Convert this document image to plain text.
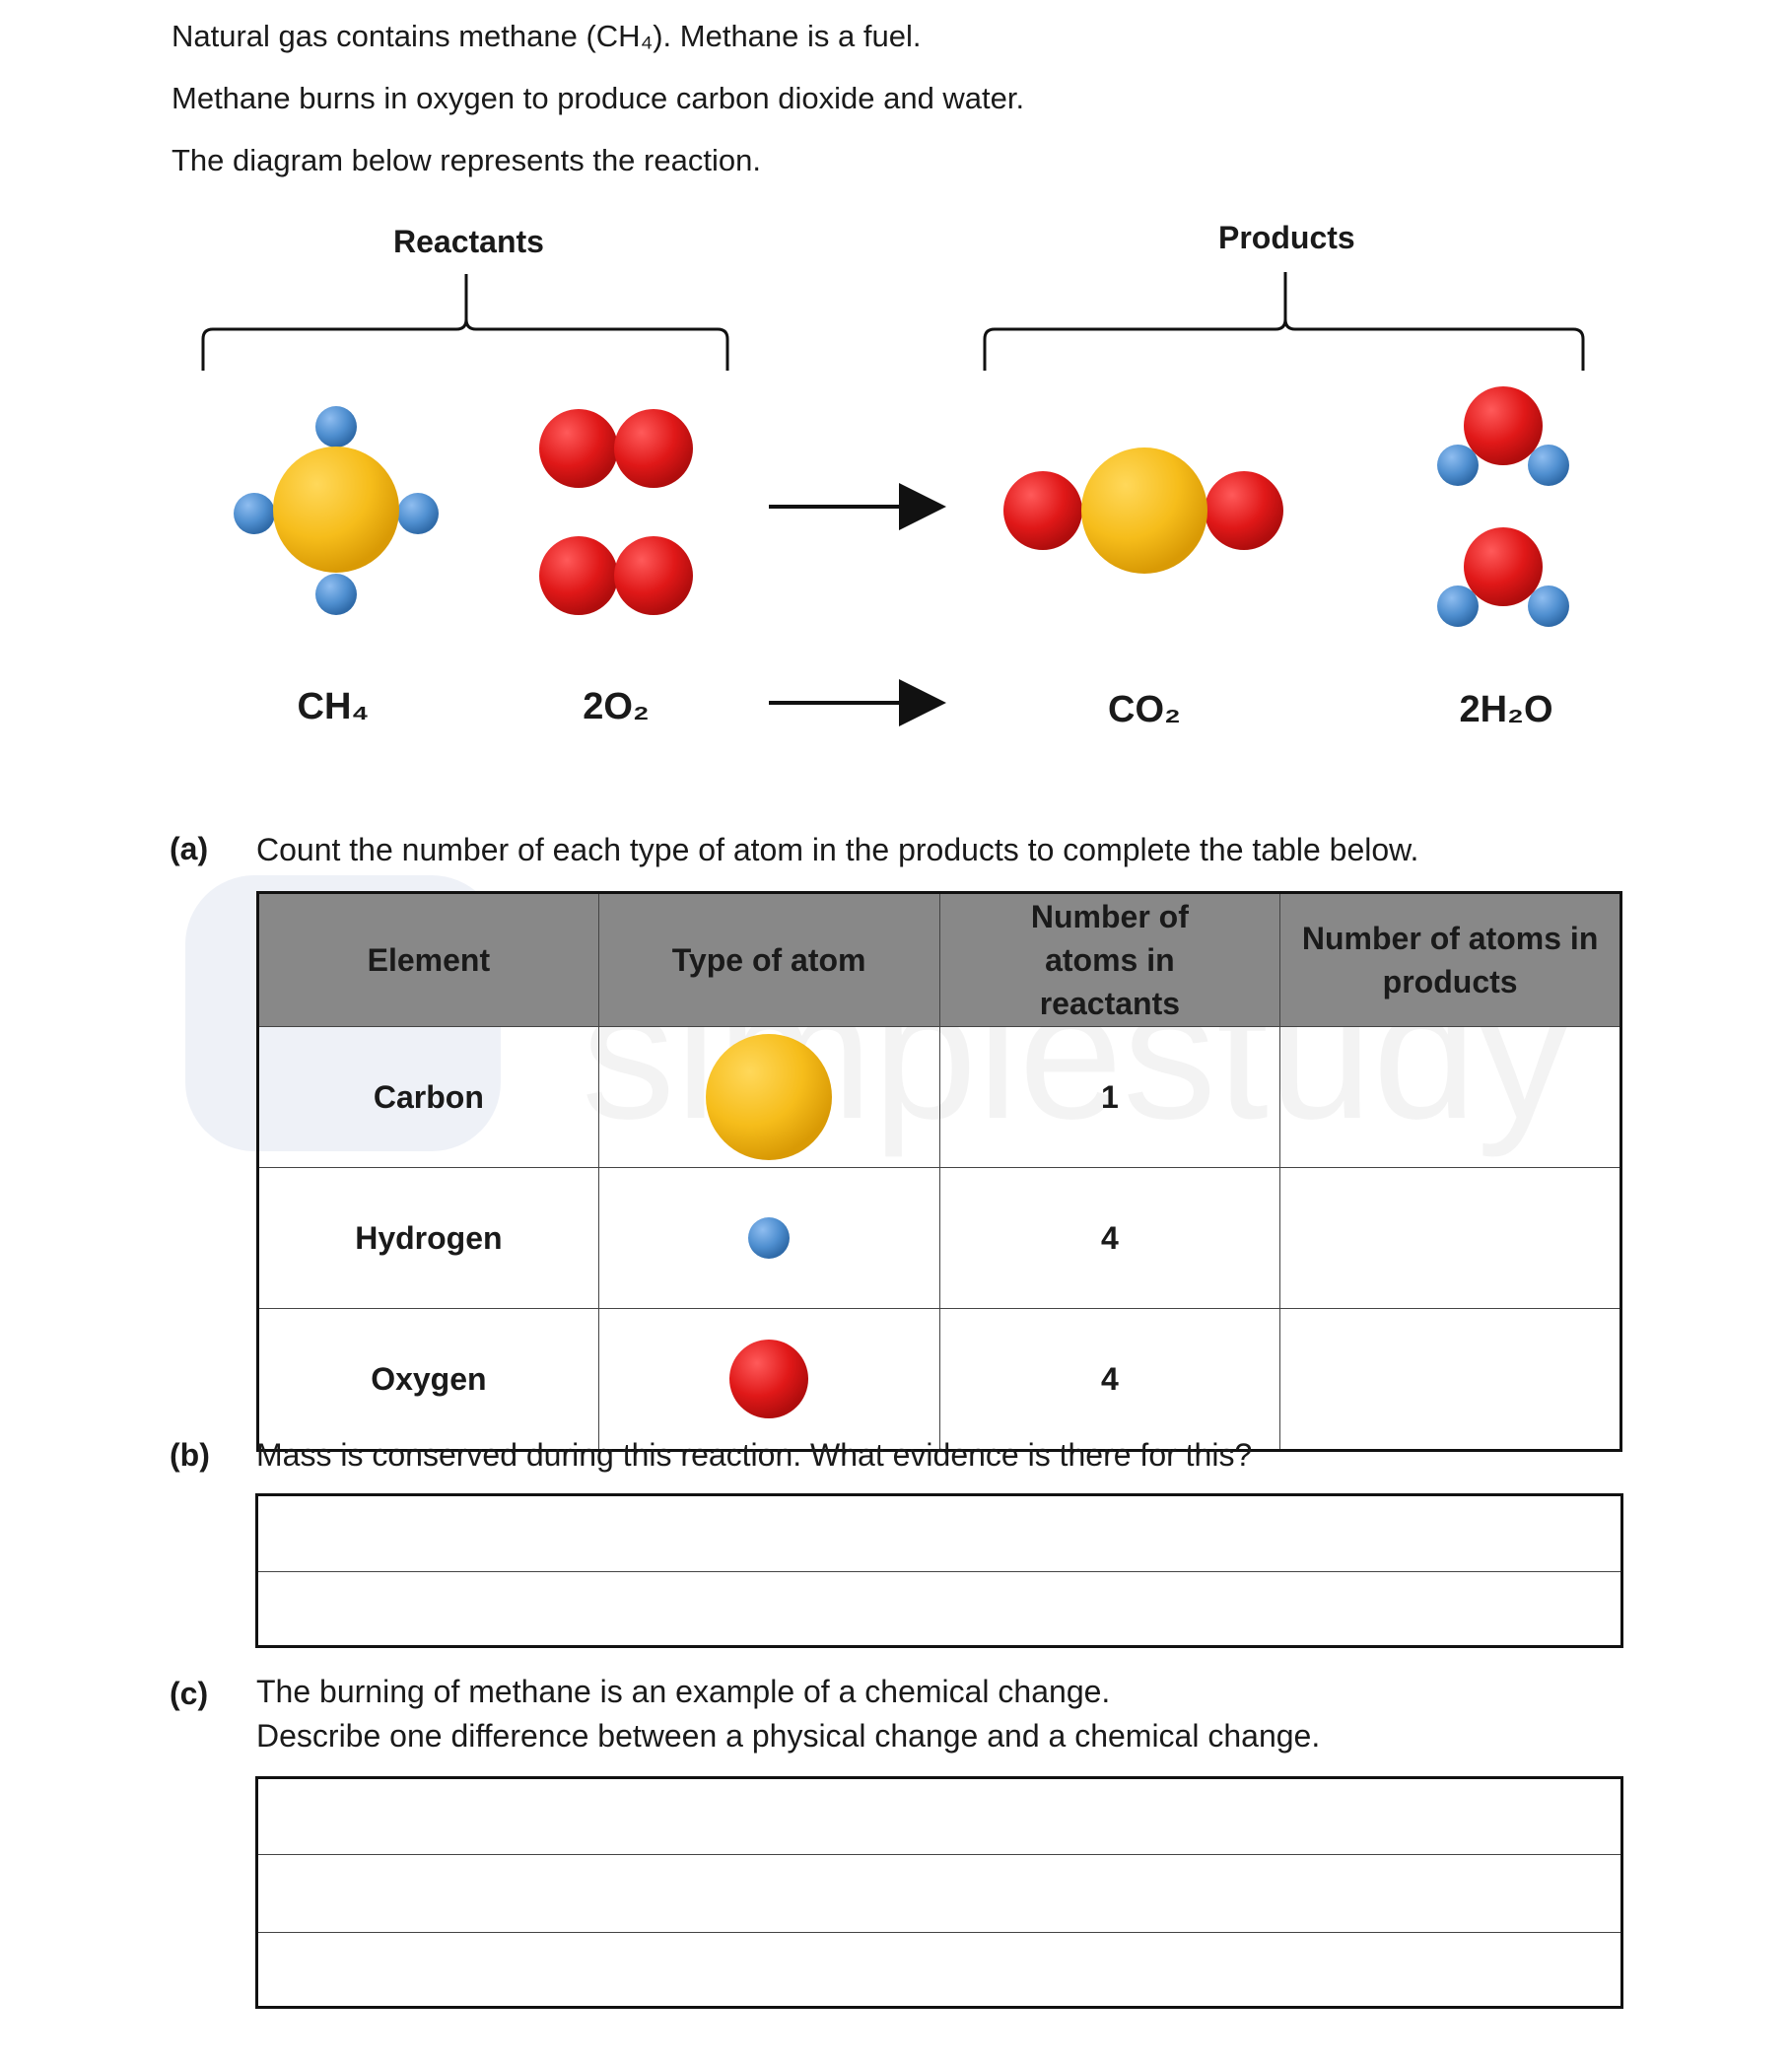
Natural gas contains methane (CH₄). Methane is a fuel.
Methane burns in oxygen to produce carbon dioxide and water.
The diagram below represents the reaction.
Reactants	Products
CH₄	2O₂	CO₂	2H₂O
(a) Count the number of each type of atom in the products to complete the table below.
Element	Type of atom	Number of atoms in reactants	Number of atoms in products

Carbon		1	
Hydrogen		4	
Oxygen		4	
(b) Mass is conserved during this reaction. What evidence is there for this?
(c) The burning of methane is an example of a chemical change.
Describe one difference between a physical change and a chemical change.
